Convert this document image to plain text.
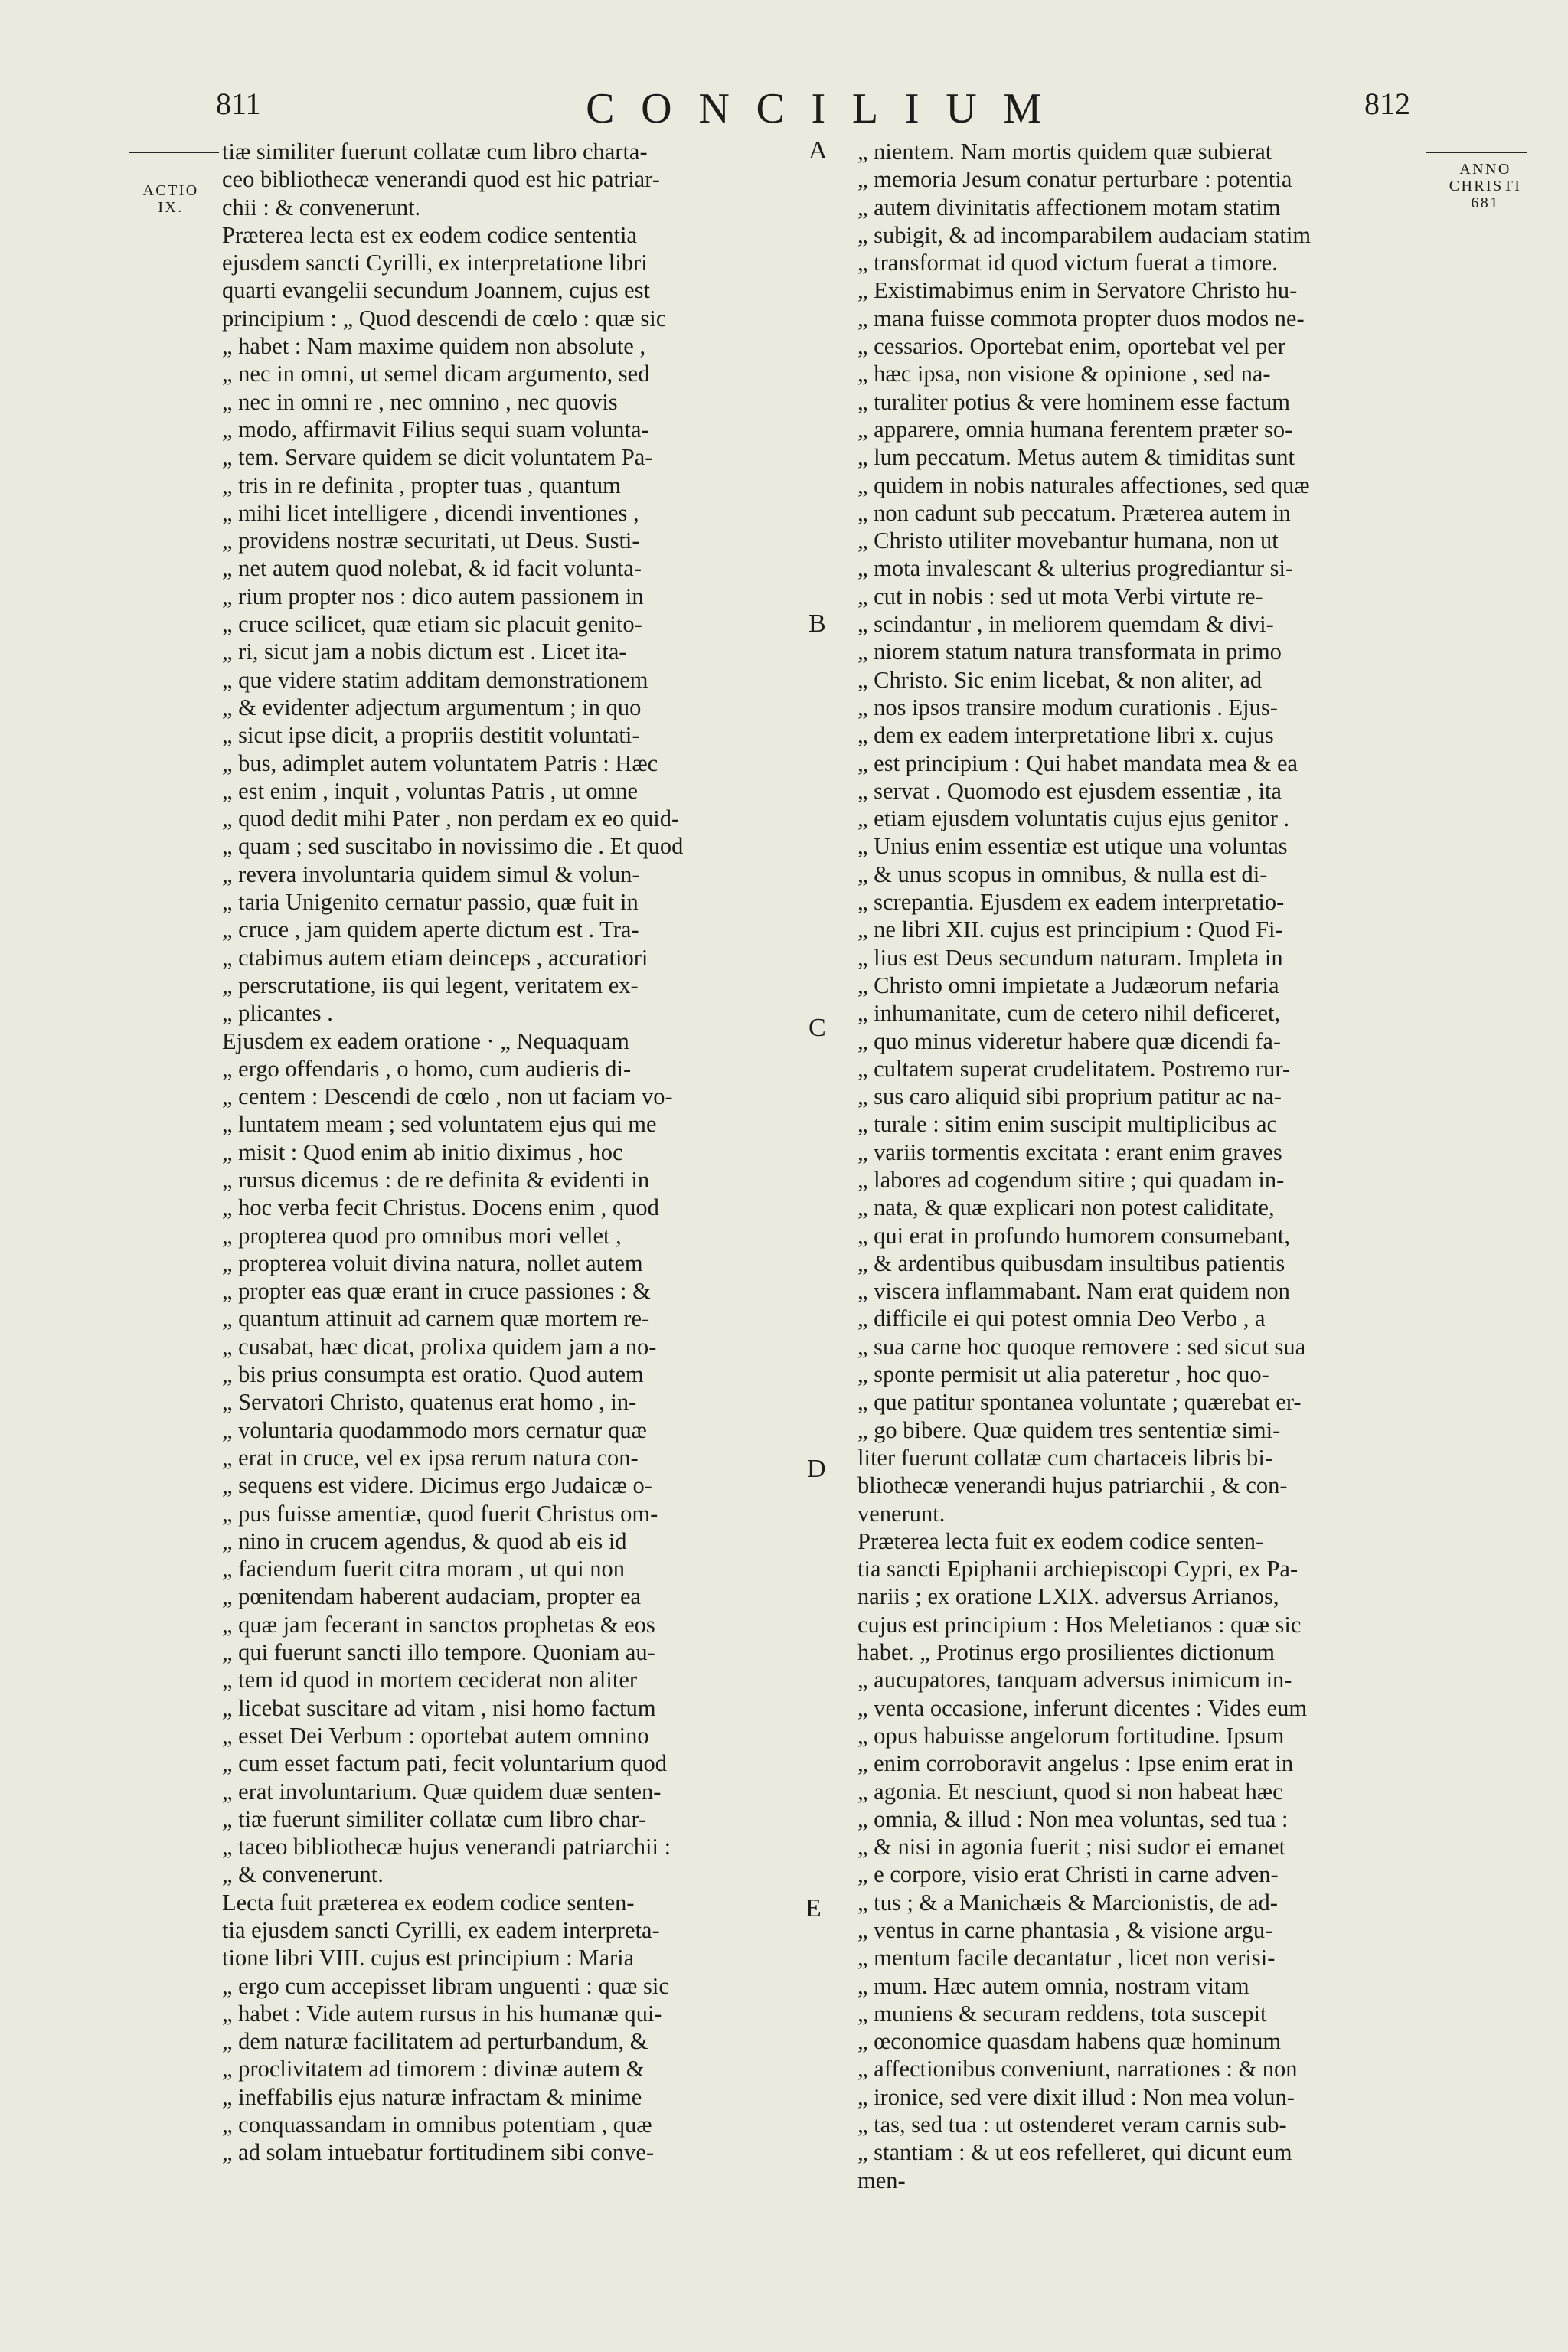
811	CONCILIUM	812
ACTIO
IX.
ANNO
CHRISTI
681
tiæ similiter fuerunt collatæ cum libro charta-
ceo bibliothecæ venerandi quod est hic patriar-
chii : & convenerunt.
Præterea lecta est ex eodem codice sententia
ejusdem sancti Cyrilli, ex interpretatione libri
quarti evangelii secundum Joannem, cujus est
principium : „ Quod descendi de cœlo : quæ sic
„ habet : Nam maxime quidem non absolute ,
„ nec in omni, ut semel dicam argumento, sed
„ nec in omni re , nec omnino , nec quovis
„ modo, affirmavit Filius sequi suam volunta-
„ tem. Servare quidem se dicit voluntatem Pa-
„ tris in re definita , propter tuas , quantum
„ mihi licet intelligere , dicendi inventiones ,
„ providens nostræ securitati, ut Deus. Susti-
„ net autem quod nolebat, & id facit volunta-
„ rium propter nos : dico autem passionem in
„ cruce scilicet, quæ etiam sic placuit genito-
„ ri, sicut jam a nobis dictum est . Licet ita-
„ que videre statim additam demonstrationem
„ & evidenter adjectum argumentum ; in quo
„ sicut ipse dicit, a propriis destitit voluntati-
„ bus, adimplet autem voluntatem Patris : Hæc
„ est enim , inquit , voluntas Patris , ut omne
„ quod dedit mihi Pater , non perdam ex eo quid-
„ quam ; sed suscitabo in novissimo die . Et quod
„ revera involuntaria quidem simul & volun-
„ taria Unigenito cernatur passio, quæ fuit in
„ cruce , jam quidem aperte dictum est . Tra-
„ ctabimus autem etiam deinceps , accuratiori
„ perscrutatione, iis qui legent, veritatem ex-
„ plicantes .
Ejusdem ex eadem oratione · „ Nequaquam
„ ergo offendaris , o homo, cum audieris di-
„ centem : Descendi de cœlo , non ut faciam vo-
„ luntatem meam ; sed voluntatem ejus qui me
„ misit : Quod enim ab initio diximus , hoc
„ rursus dicemus : de re definita & evidenti in
„ hoc verba fecit Christus. Docens enim , quod
„ propterea quod pro omnibus mori vellet ,
„ propterea voluit divina natura, nollet autem
„ propter eas quæ erant in cruce passiones : &
„ quantum attinuit ad carnem quæ mortem re-
„ cusabat, hæc dicat, prolixa quidem jam a no-
„ bis prius consumpta est oratio. Quod autem
„ Servatori Christo, quatenus erat homo , in-
„ voluntaria quodammodo mors cernatur quæ
„ erat in cruce, vel ex ipsa rerum natura con-
„ sequens est videre. Dicimus ergo Judaicæ o-
„ pus fuisse amentiæ, quod fuerit Christus om-
„ nino in crucem agendus, & quod ab eis id
„ faciendum fuerit citra moram , ut qui non
„ pœnitendam haberent audaciam, propter ea
„ quæ jam fecerant in sanctos prophetas & eos
„ qui fuerunt sancti illo tempore. Quoniam au-
„ tem id quod in mortem ceciderat non aliter
„ licebat suscitare ad vitam , nisi homo factum
„ esset Dei Verbum : oportebat autem omnino
„ cum esset factum pati, fecit voluntarium quod
„ erat involuntarium. Quæ quidem duæ senten-
„ tiæ fuerunt similiter collatæ cum libro char-
„ taceo bibliothecæ hujus venerandi patriarchii :
„ & convenerunt.
Lecta fuit præterea ex eodem codice senten-
tia ejusdem sancti Cyrilli, ex eadem interpreta-
tione libri VIII. cujus est principium : Maria
„ ergo cum accepisset libram unguenti : quæ sic
„ habet : Vide autem rursus in his humanæ qui-
„ dem naturæ facilitatem ad perturbandum, &
„ proclivitatem ad timorem : divinæ autem &
„ ineffabilis ejus naturæ infractam & minime
„ conquassandam in omnibus potentiam , quæ
„ ad solam intuebatur fortitudinem sibi conve-
„ nientem. Nam mortis quidem quæ subierat
„ memoria Jesum conatur perturbare : potentia
„ autem divinitatis affectionem motam statim
„ subigit, & ad incomparabilem audaciam statim
„ transformat id quod victum fuerat a timore.
„ Existimabimus enim in Servatore Christo hu-
„ mana fuisse commota propter duos modos ne-
„ cessarios. Oportebat enim, oportebat vel per
„ hæc ipsa, non visione & opinione , sed na-
„ turaliter potius & vere hominem esse factum
„ apparere, omnia humana ferentem præter so-
„ lum peccatum. Metus autem & timiditas sunt
„ quidem in nobis naturales affectiones, sed quæ
„ non cadunt sub peccatum. Præterea autem in
„ Christo utiliter movebantur humana, non ut
„ mota invalescant & ulterius progrediantur si-
„ cut in nobis : sed ut mota Verbi virtute re-
„ scindantur , in meliorem quemdam & divi-
„ niorem statum natura transformata in primo
„ Christo. Sic enim licebat, & non aliter, ad
„ nos ipsos transire modum curationis . Ejus-
„ dem ex eadem interpretatione libri x. cujus
„ est principium : Qui habet mandata mea & ea
„ servat . Quomodo est ejusdem essentiæ , ita
„ etiam ejusdem voluntatis cujus ejus genitor .
„ Unius enim essentiæ est utique una voluntas
„ & unus scopus in omnibus, & nulla est di-
„ screpantia. Ejusdem ex eadem interpretatio-
„ ne libri XII. cujus est principium : Quod Fi-
„ lius est Deus secundum naturam. Impleta in
„ Christo omni impietate a Judæorum nefaria
„ inhumanitate, cum de cetero nihil deficeret,
„ quo minus videretur habere quæ dicendi fa-
„ cultatem superat crudelitatem. Postremo rur-
„ sus caro aliquid sibi proprium patitur ac na-
„ turale : sitim enim suscipit multiplicibus ac
„ variis tormentis excitata : erant enim graves
„ labores ad cogendum sitire ; qui quadam in-
„ nata, & quæ explicari non potest caliditate,
„ qui erat in profundo humorem consumebant,
„ & ardentibus quibusdam insultibus patientis
„ viscera inflammabant. Nam erat quidem non
„ difficile ei qui potest omnia Deo Verbo , a
„ sua carne hoc quoque removere : sed sicut sua
„ sponte permisit ut alia pateretur , hoc quo-
„ que patitur spontanea voluntate ; quærebat er-
„ go bibere. Quæ quidem tres sententiæ simi-
liter fuerunt collatæ cum chartaceis libris bi-
bliothecæ venerandi hujus patriarchii , & con-
venerunt.
Præterea lecta fuit ex eodem codice senten-
tia sancti Epiphanii archiepiscopi Cypri, ex Pa-
nariis ; ex oratione LXIX. adversus Arrianos,
cujus est principium : Hos Meletianos : quæ sic
habet. „ Protinus ergo prosilientes dictionum
„ aucupatores, tanquam adversus inimicum in-
„ venta occasione, inferunt dicentes : Vides eum
„ opus habuisse angelorum fortitudine. Ipsum
„ enim corroboravit angelus : Ipse enim erat in
„ agonia. Et nesciunt, quod si non habeat hæc
„ omnia, & illud : Non mea voluntas, sed tua :
„ & nisi in agonia fuerit ; nisi sudor ei emanet
„ e corpore, visio erat Christi in carne adven-
„ tus ; & a Manichæis & Marcionistis, de ad-
„ ventus in carne phantasia , & visione argu-
„ mentum facile decantatur , licet non verisi-
„ mum. Hæc autem omnia, nostram vitam
„ muniens & securam reddens, tota suscepit
„ œconomice quasdam habens quæ hominum
„ affectionibus conveniunt, narrationes : & non
„ ironice, sed vere dixit illud : Non mea volun-
„ tas, sed tua : ut ostenderet veram carnis sub-
„ stantiam : & ut eos refelleret, qui dicunt eum
men-
A
B
C
D
E
